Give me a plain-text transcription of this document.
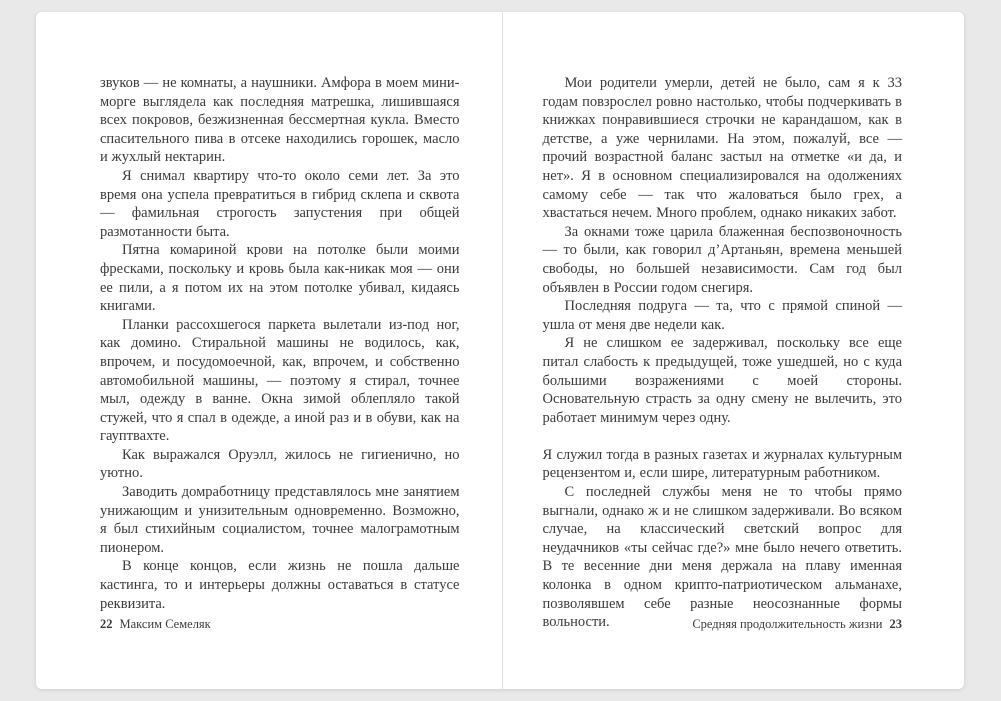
звуков — не комнаты, а наушники. Амфора в моем мини-морге выглядела как последняя матрешка, лишившаяся всех покровов, безжизненная бессмертная кукла. Вместо спасительного пива в отсеке находились горошек, масло и жухлый нектарин.

Я снимал квартиру что-то около семи лет. За это время она успела превратиться в гибрид склепа и сквота — фамильная строгость запустения при общей размотанности быта.

Пятна комариной крови на потолке были моими фресками, поскольку и кровь была как-никак моя — они ее пили, а я потом их на этом потолке убивал, кидаясь книгами.

Планки рассохшегося паркета вылетали из-под ног, как домино. Стиральной машины не водилось, как, впрочем, и посудомоечной, как, впрочем, и собственно автомобильной машины, — поэтому я стирал, точнее мыл, одежду в ванне. Окна зимой облепляло такой стужей, что я спал в одежде, а иной раз и в обуви, как на гауптвахте.

Как выражался Оруэлл, жилось не гигиенично, но уютно.

Заводить домработницу представлялось мне занятием унижающим и унизительным одновременно. Возможно, я был стихийным социалистом, точнее малограмотным пионером.

В конце концов, если жизнь не пошла дальше кастинга, то и интерьеры должны оставаться в статусе реквизита.

22 Максим Семеляк

Мои родители умерли, детей не было, сам я к 33 годам повзрослел ровно настолько, чтобы подчеркивать в книжках понравившиеся строчки не карандашом, как в детстве, а уже чернилами. На этом, пожалуй, все — прочий возрастной баланс застыл на отметке «и да, и нет». Я в основном специализировался на одолжениях самому себе — так что жаловаться было грех, а хвастаться нечем. Много проблем, однако никаких забот.

За окнами тоже царила блаженная беспозвоночность — то были, как говорил д’Артаньян, времена меньшей свободы, но большей независимости. Сам год был объявлен в России годом снегиря.

Последняя подруга — та, что с прямой спиной — ушла от меня две недели как.

Я не слишком ее задерживал, поскольку все еще питал слабость к предыдущей, тоже ушедшей, но с куда большими возражениями с моей стороны. Основательную страсть за одну смену не вылечить, это работает минимум через одну.

Я служил тогда в разных газетах и журналах культурным рецензентом и, если шире, литературным работником.

С последней службы меня не то чтобы прямо выгнали, однако ж и не слишком задерживали. Во всяком случае, на классический светский вопрос для неудачников «ты сейчас где?» мне было нечего ответить. В те весенние дни меня держала на плаву именная колонка в одном крипто-патриотическом альманахе, позволявшем себе разные неосознанные формы вольности.	Средняя продолжительность жизни 23
